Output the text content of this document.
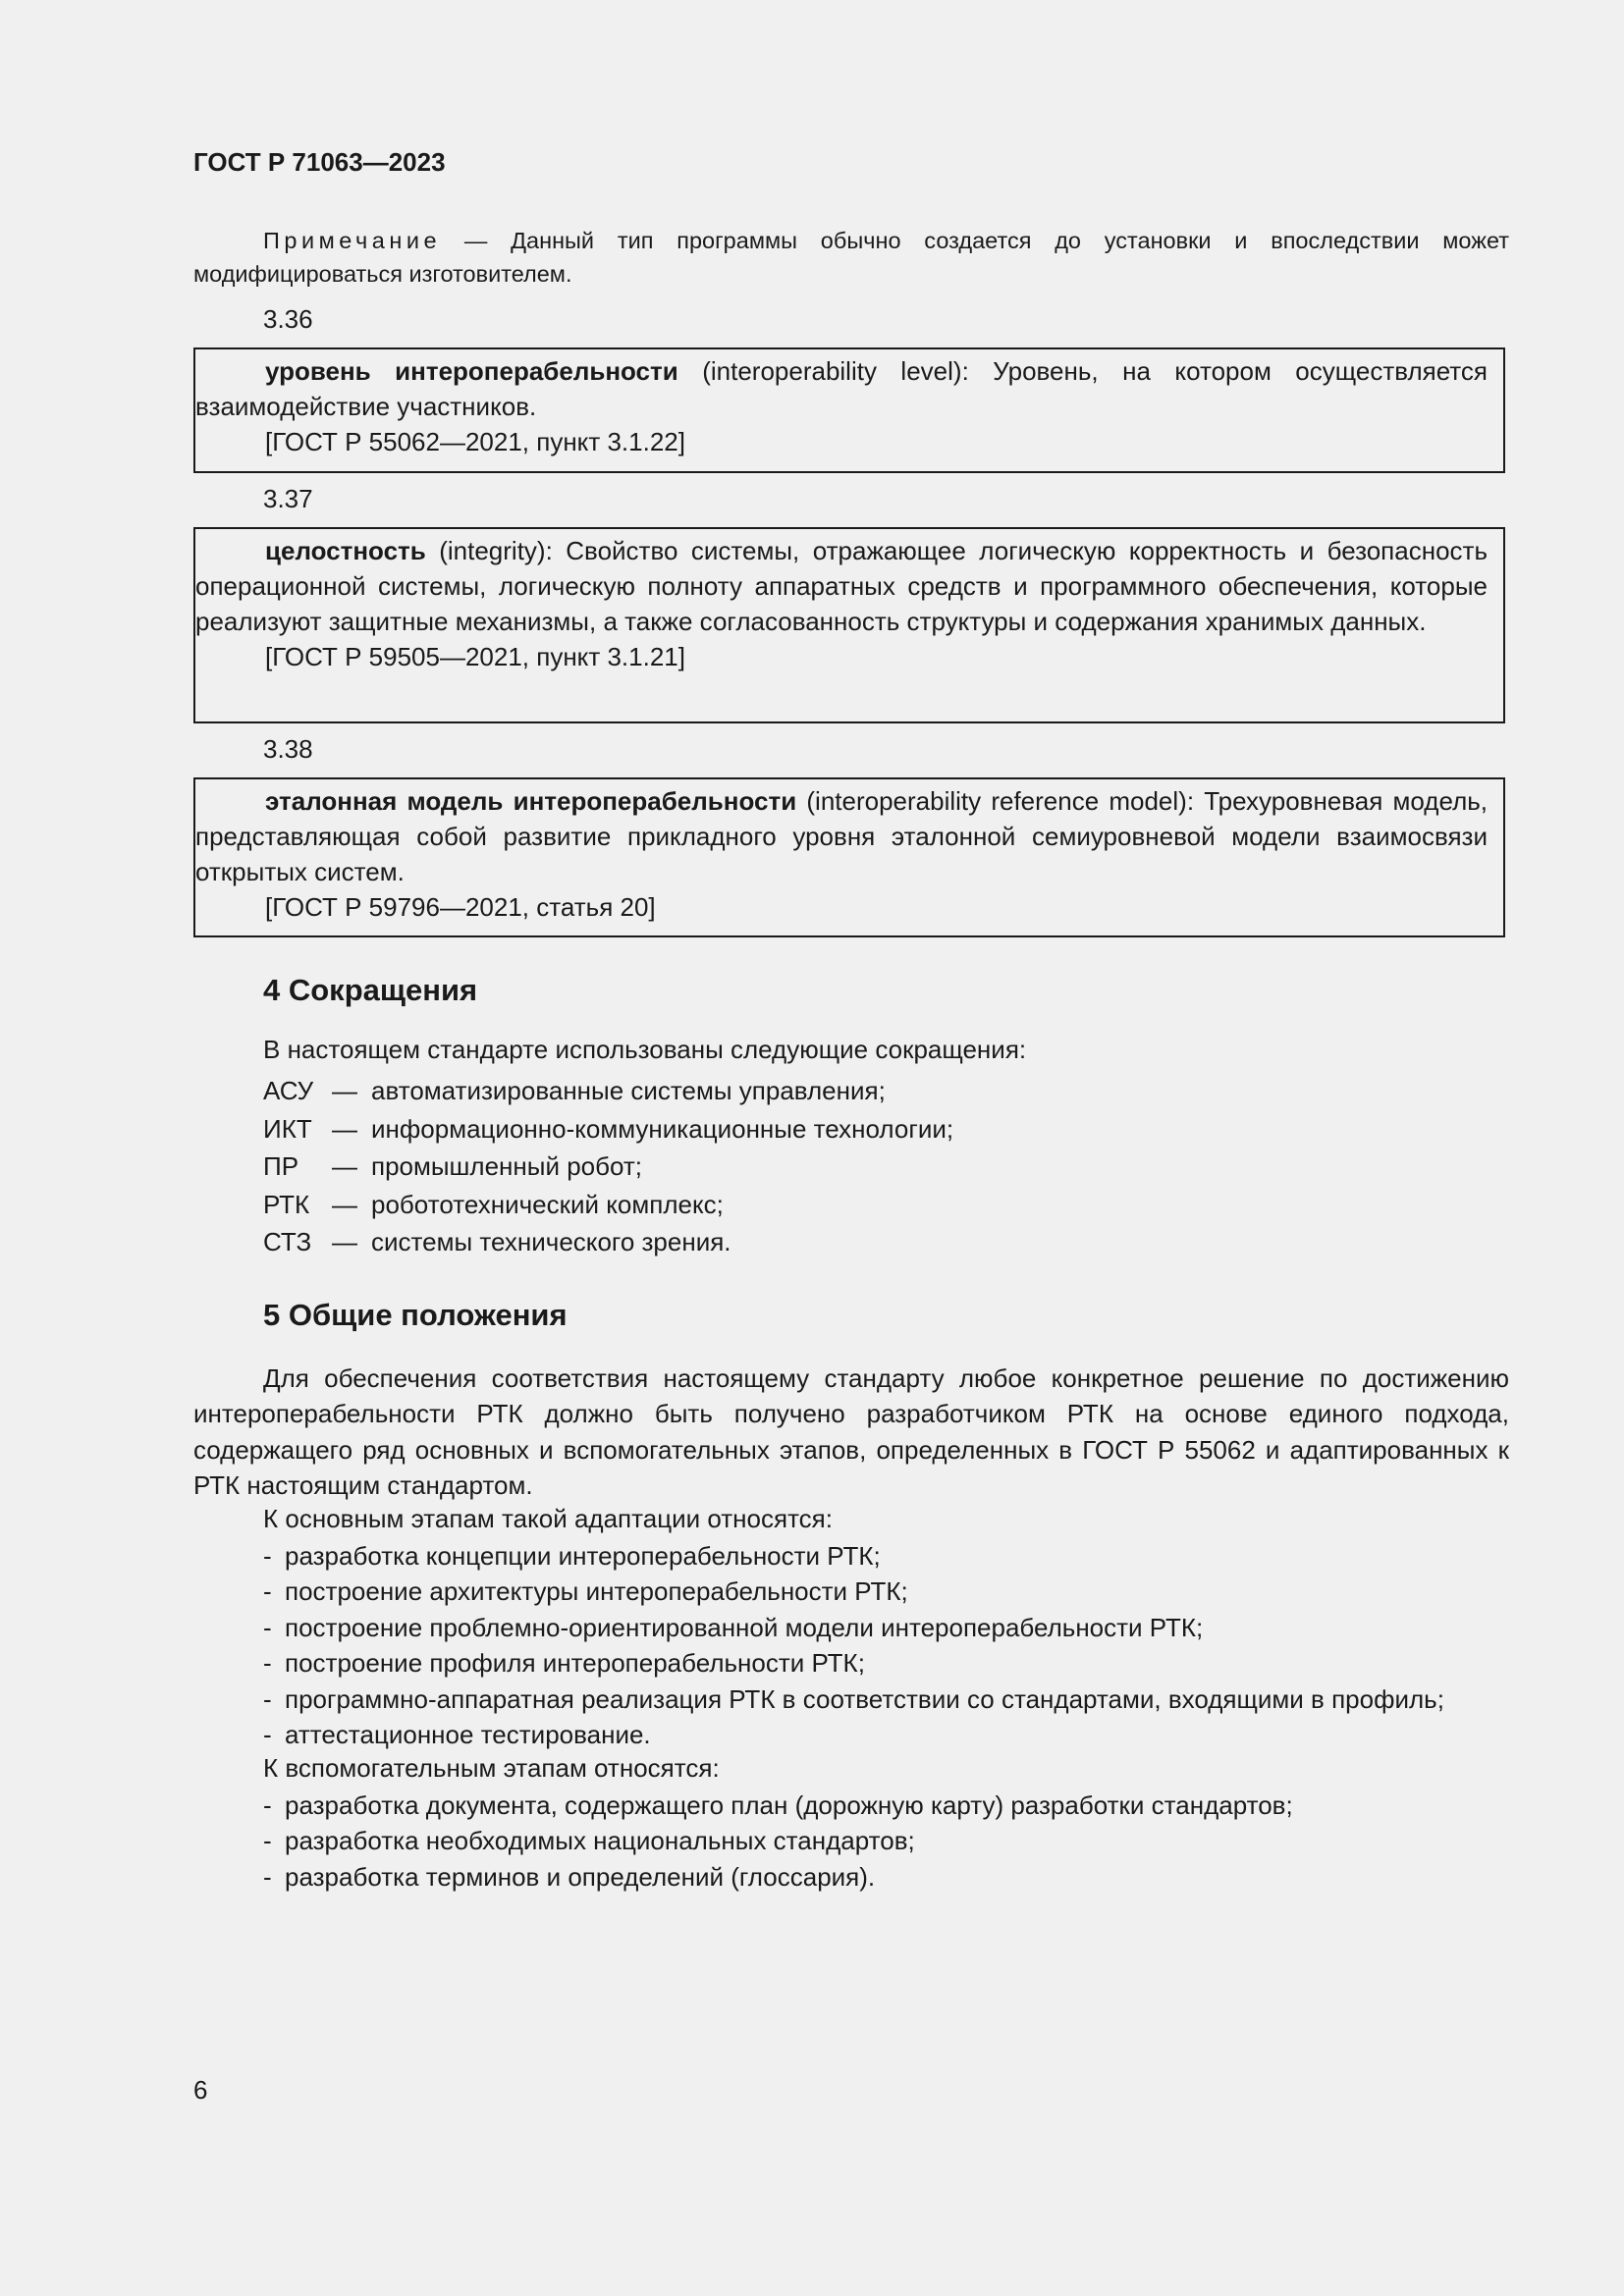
ГОСТ Р 71063—2023
Примечание — Данный тип программы обычно создается до установки и впоследствии может модифицироваться изготовителем.
3.36

уровень интероперабельности (interoperability level): Уровень, на котором осуществляется взаимодействие участников.

[ГОСТ Р 55062—2021, пункт 3.1.22]

3.37

целостность (integrity): Свойство системы, отражающее логическую корректность и безопасность операционной системы, логическую полноту аппаратных средств и программного обеспечения, которые реализуют защитные механизмы, а также согласованность структуры и содержания хранимых данных.

[ГОСТ Р 59505—2021, пункт 3.1.21]

3.38

эталонная модель интероперабельности (interoperability reference model): Трехуровневая модель, представляющая собой развитие прикладного уровня эталонной семиуровневой модели взаимосвязи открытых систем.

[ГОСТ Р 59796—2021, статья 20]

4 Сокращения
В настоящем стандарте использованы следующие сокращения:
АСУ — автоматизированные системы управления;
ИКТ — информационно-коммуникационные технологии;
ПР	— промышленный робот;
РТК — робототехнический комплекс;
СТЗ — системы технического зрения.
5 Общие положения
Для обеспечения соответствия настоящему стандарту любое конкретное решение по достижению интероперабельности РТК должно быть получено разработчиком РТК на основе единого подхода, содержащего ряд основных и вспомогательных этапов, определенных в ГОСТ Р 55062 и адаптированных к РТК настоящим стандартом.
К основным этапам такой адаптации относятся:
- разработка концепции интероперабельности РТК;
- построение архитектуры интероперабельности РТК;
- построение проблемно-ориентированной модели интероперабельности РТК;
- построение профиля интероперабельности РТК;
- программно-аппаратная реализация РТК в соответствии со стандартами, входящими в профиль;
- аттестационное тестирование.
К вспомогательным этапам относятся:
- разработка документа, содержащего план (дорожную карту) разработки стандартов;
- разработка необходимых национальных стандартов;
- разработка терминов и определений (глоссария).
6
